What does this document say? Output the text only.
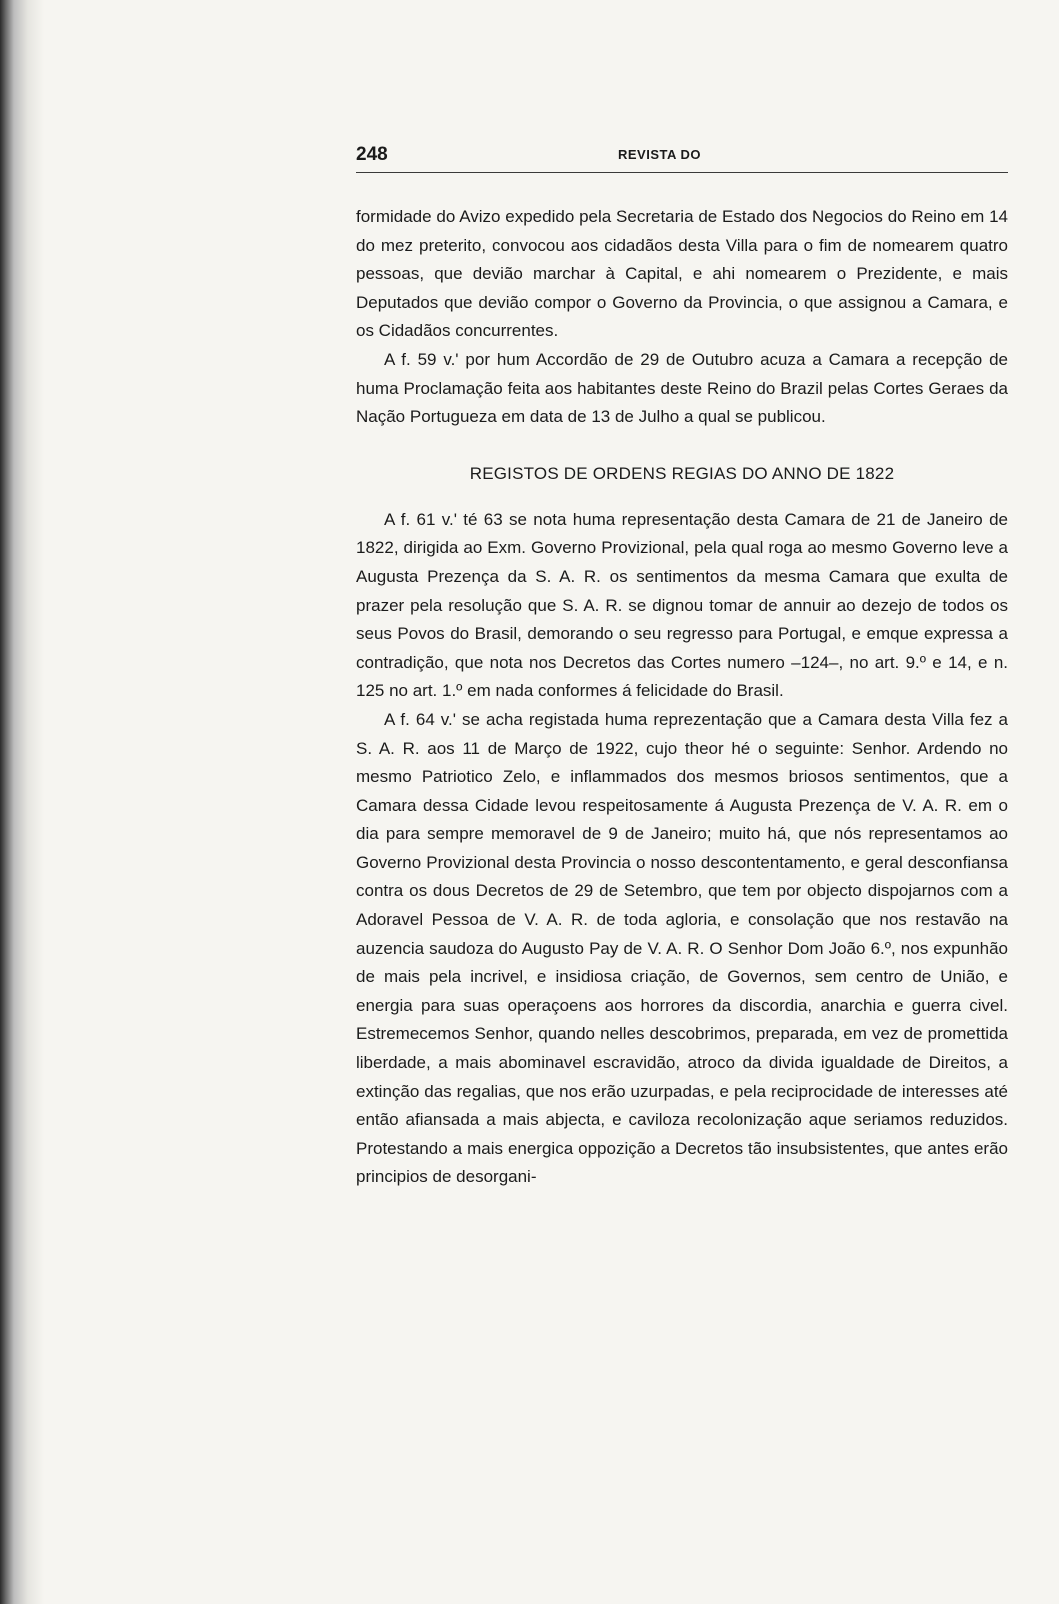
248	REVISTA DO

formidade do Avizo expedido pela Secretaria de Estado dos Negocios do Reino em 14 do mez preterito, convocou aos cidadãos desta Villa para o fim de nomearem quatro pessoas, que devião marchar à Capital, e ahi nomearem o Prezidente, e mais Deputados que devião compor o Governo da Provincia, o que assignou a Camara, e os Cidadãos concurrentes.

A f. 59 v.' por hum Accordão de 29 de Outubro acuza a Camara a recepção de huma Proclamação feita aos habitantes deste Reino do Brazil pelas Cortes Geraes da Nação Portugueza em data de 13 de Julho a qual se publicou.

REGISTOS DE ORDENS REGIAS DO ANNO DE 1822

A f. 61 v.' té 63 se nota huma representação desta Camara de 21 de Janeiro de 1822, dirigida ao Exm. Governo Provizional, pela qual roga ao mesmo Governo leve a Augusta Prezença da S. A. R. os sentimentos da mesma Camara que exulta de prazer pela resolução que S. A. R. se dignou tomar de annuir ao dezejo de todos os seus Povos do Brasil, demorando o seu regresso para Portugal, e emque expressa a contradição, que nota nos Decretos das Cortes numero –124–, no art. 9.º e 14, e n. 125 no art. 1.º em nada conformes á felicidade do Brasil.

A f. 64 v.' se acha registada huma reprezentação que a Camara desta Villa fez a S. A. R. aos 11 de Março de 1922, cujo theor hé o seguinte: Senhor. Ardendo no mesmo Patriotico Zelo, e inflammados dos mesmos briosos sentimentos, que a Camara dessa Cidade levou respeitosamente á Augusta Prezença de V. A. R. em o dia para sempre memoravel de 9 de Janeiro; muito há, que nós representamos ao Governo Provizional desta Provincia o nosso descontentamento, e geral desconfiansa contra os dous Decretos de 29 de Setembro, que tem por objecto dispojarnos com a Adoravel Pessoa de V. A. R. de toda agloria, e consolação que nos restavão na auzencia saudoza do Augusto Pay de V. A. R. O Senhor Dom João 6.º, nos expunhão de mais pela incrivel, e insidiosa criação, de Governos, sem centro de União, e energia para suas operaçoens aos horrores da discordia, anarchia e guerra civel. Estremecemos Senhor, quando nelles descobrimos, preparada, em vez de promettida liberdade, a mais abominavel escravidão, atroco da divida igualdade de Direitos, a extinção das regalias, que nos erão uzurpadas, e pela reciprocidade de interesses até então afiansada a mais abjecta, e caviloza recolonização aque seriamos reduzidos. Protestando a mais energica oppozição a Decretos tão insubsistentes, que antes erão principios de desorgani-
